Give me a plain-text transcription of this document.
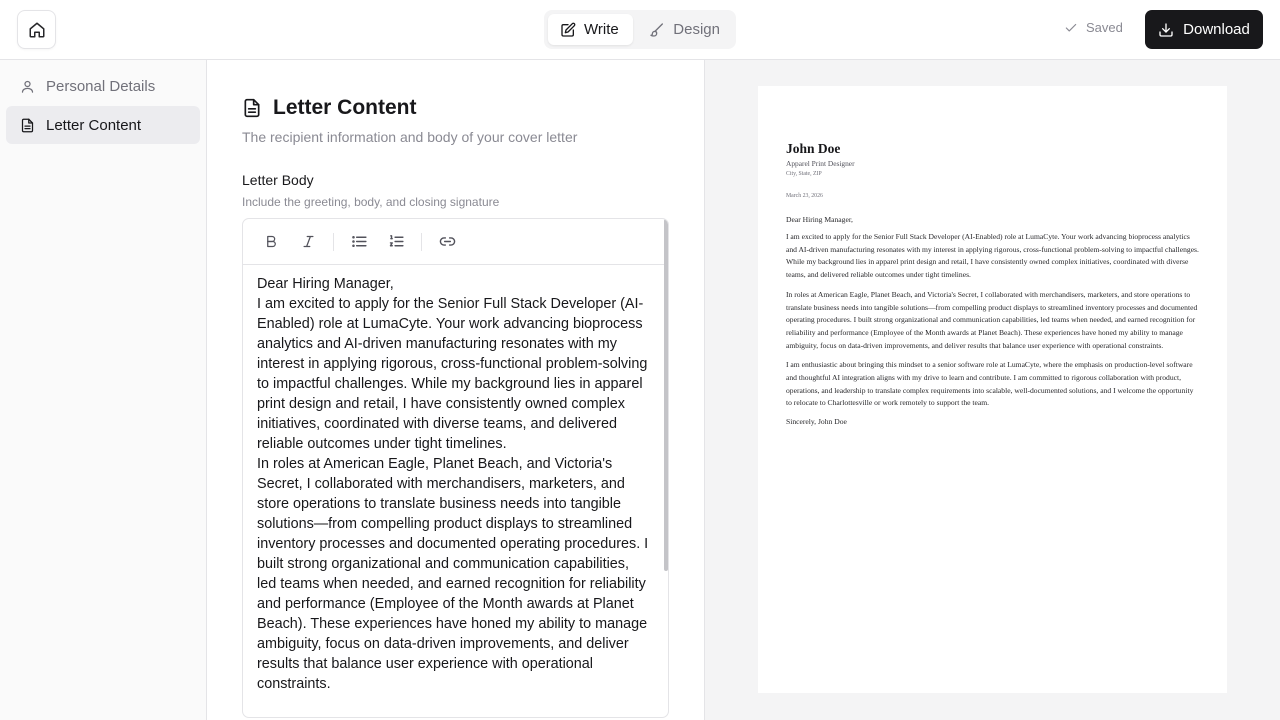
Write	Design	Saved	Download
Personal Details
Letter Content
Letter Content
The recipient information and body of your cover letter
Letter Body
Include the greeting, body, and closing signature

Dear Hiring Manager,

I am excited to apply for the Senior Full Stack Developer (AI-Enabled) role at LumaCyte. Your work advancing bioprocess analytics and AI-driven manufacturing resonates with my interest in applying rigorous, cross-functional problem-solving to impactful challenges. While my background lies in apparel print design and retail, I have consistently owned complex initiatives, coordinated with diverse teams, and delivered reliable outcomes under tight timelines.

In roles at American Eagle, Planet Beach, and Victoria's Secret, I collaborated with merchandisers, marketers, and store operations to translate business needs into tangible solutions—from compelling product displays to streamlined inventory processes and documented operating procedures. I built strong organizational and communication capabilities, led teams when needed, and earned recognition for reliability and performance (Employee of the Month awards at Planet Beach). These experiences have honed my ability to manage ambiguity, focus on data-driven improvements, and deliver results that balance user experience with operational constraints.

John Doe
Apparel Print Designer
City, State, ZIP
March 23, 2026
Dear Hiring Manager,
I am excited to apply for the Senior Full Stack Developer (AI-Enabled) role at LumaCyte. Your work advancing bioprocess analytics and AI-driven manufacturing resonates with my interest in applying rigorous, cross-functional problem-solving to impactful challenges. While my background lies in apparel print design and retail, I have consistently owned complex initiatives, coordinated with diverse teams, and delivered reliable outcomes under tight timelines.
In roles at American Eagle, Planet Beach, and Victoria's Secret, I collaborated with merchandisers, marketers, and store operations to translate business needs into tangible solutions—from compelling product displays to streamlined inventory processes and documented operating procedures. I built strong organizational and communication capabilities, led teams when needed, and earned recognition for reliability and performance (Employee of the Month awards at Planet Beach). These experiences have honed my ability to manage ambiguity, focus on data-driven improvements, and deliver results that balance user experience with operational constraints.
I am enthusiastic about bringing this mindset to a senior software role at LumaCyte, where the emphasis on production-level software and thoughtful AI integration aligns with my drive to learn and contribute. I am committed to rigorous collaboration with product, operations, and leadership to translate complex requirements into scalable, well-documented solutions, and I welcome the opportunity to relocate to Charlottesville or work remotely to support the team.
Sincerely, John Doe
